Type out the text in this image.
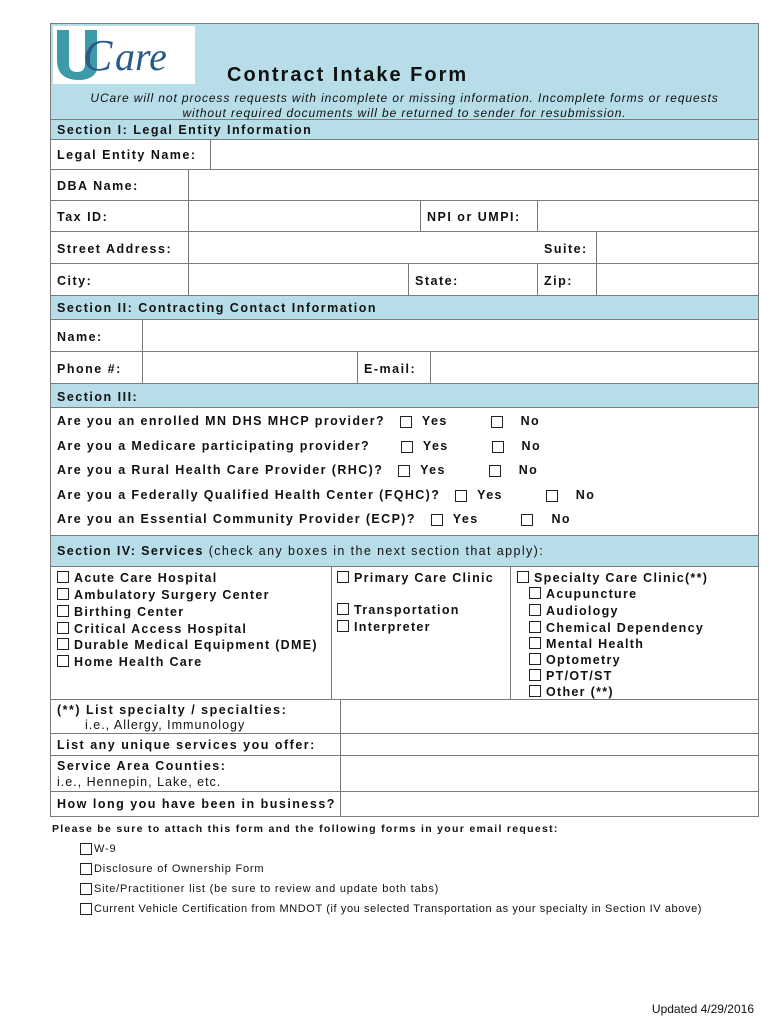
C are	Contract Intake Form
UCare will not process requests with incomplete or missing information. Incomplete forms or requests
without required documents will be returned to sender for resubmission.
Section I: Legal Entity Information
Legal Entity Name:
DBA Name:
Tax ID:	NPI or UMPI:
Street Address:	Suite:
City:	State:	Zip:
Section II: Contracting Contact Information
Name:
Phone #:	E-mail:
Section III:
Are you an enrolled MN DHS MHCP provider?	Yes	No
Are you a Medicare participating provider?	Yes	No
Are you a Rural Health Care Provider (RHC)?	Yes	No
Are you a Federally Qualified Health Center (FQHC)?	Yes	No
Are you an Essential Community Provider (ECP)?	Yes	No
Section IV: Services (check any boxes in the next section that apply):
Acute Care Hospital
Ambulatory Surgery Center
Birthing Center
Critical Access Hospital
Durable Medical Equipment (DME)
Home Health Care
Primary Care Clinic
Transportation
Interpreter
Specialty Care Clinic(**)
Acupuncture
Audiology
Chemical Dependency
Mental Health
Optometry
PT/OT/ST
Other (**)
(**) List specialty / specialties:
i.e., Allergy, Immunology
List any unique services you offer:
Service Area Counties:
i.e., Hennepin, Lake, etc.
How long you have been in business?
Please be sure to attach this form and the following forms in your email request:
W-9
Disclosure of Ownership Form
Site/Practitioner list (be sure to review and update both tabs)
Current Vehicle Certification from MNDOT (if you selected Transportation as your specialty in Section IV above)
Updated 4/29/2016
